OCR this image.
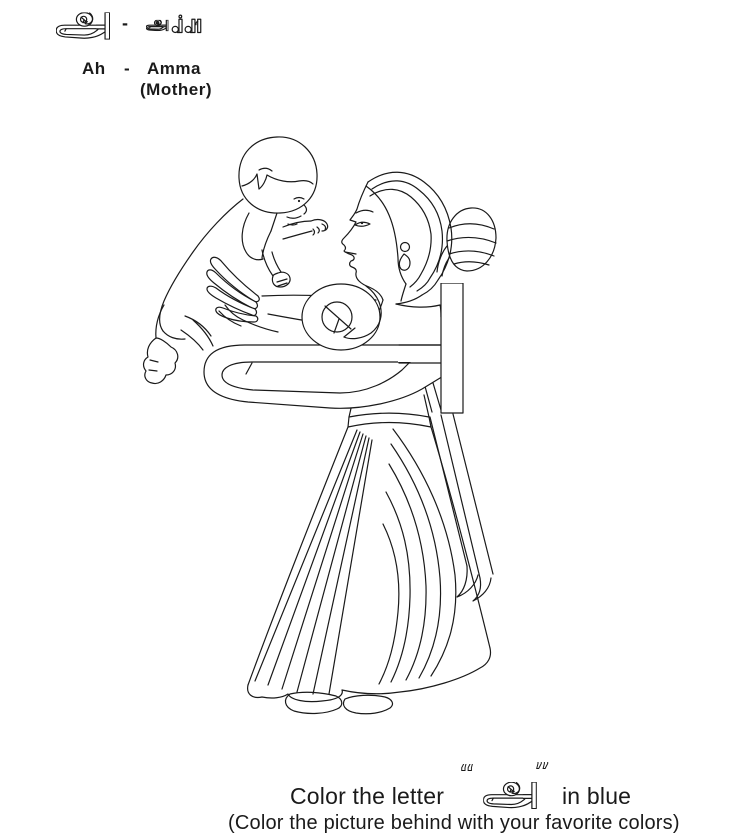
-
Ah - Amma
(Mother)
Color the letter
“ ”
in blue
(Color the picture behind with your favorite colors)
